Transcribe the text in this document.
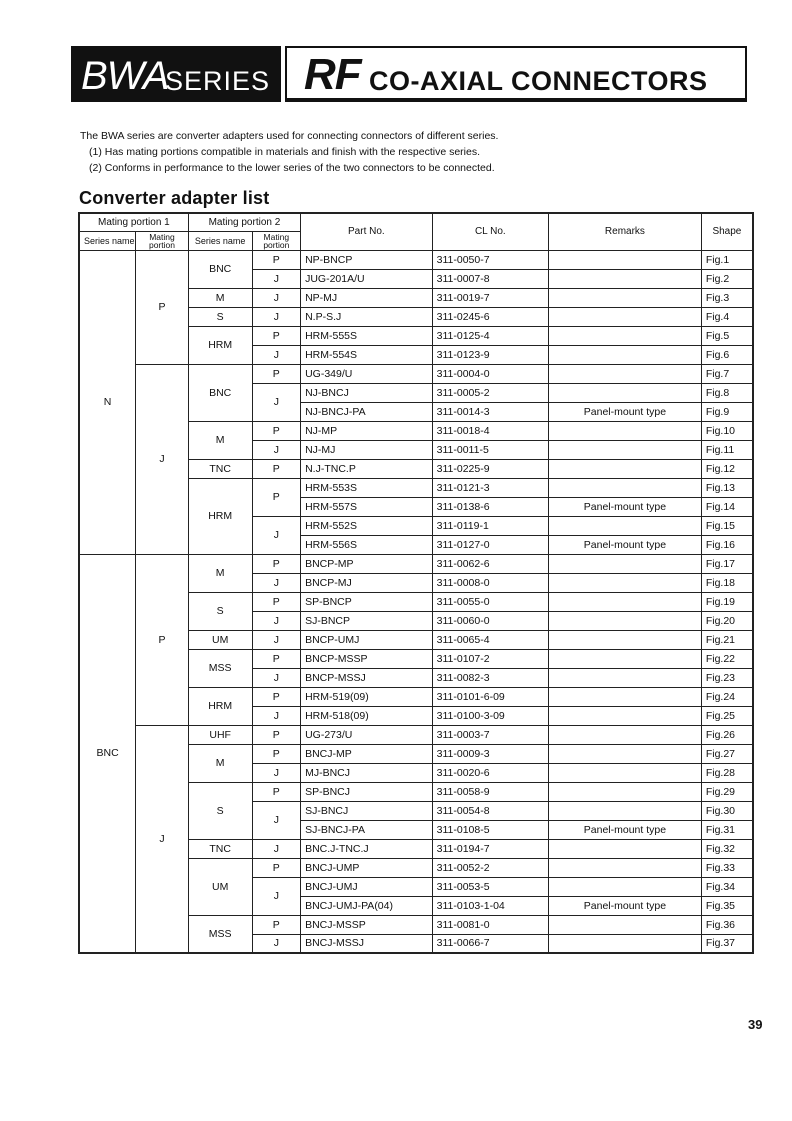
BWA
SERIES RF CO-AXIAL CONNECTORS
The BWA series are converter adapters used for connecting connectors of different series.
(1) Has mating portions compatible in materials and finish with the respective series.
(2) Conforms in performance to the lower series of the two connectors to be connected.
Converter adapter list
Mating portion 1		Mating portion 2		Part No.	CL No.	Remarks	Shape
Series name	Mating portion	Series name	Mating portion				
N	P	BNC	P	NP-BNCP	311-0050-7		Fig.1
			J	JUG-201A/U	311-0007-8		Fig.2
		M	J	NP-MJ	311-0019-7		Fig.3
		S	J	N.P-S.J	311-0245-6		Fig.4
		HRM	P	HRM-555S	311-0125-4		Fig.5
			J	HRM-554S	311-0123-9		Fig.6
	J	BNC	P	UG-349/U	311-0004-0		Fig.7
			J	NJ-BNCJ	311-0005-2		Fig.8
				NJ-BNCJ-PA	311-0014-3	Panel-mount type	Fig.9
		M	P	NJ-MP	311-0018-4		Fig.10
			J	NJ-MJ	311-0011-5		Fig.11
		TNC	P	N.J-TNC.P	311-0225-9		Fig.12
		HRM	P	HRM-553S	311-0121-3		Fig.13
				HRM-557S	311-0138-6	Panel-mount type	Fig.14
			J	HRM-552S	311-0119-1		Fig.15
				HRM-556S	311-0127-0	Panel-mount type	Fig.16
BNC	P	M	P	BNCP-MP	311-0062-6		Fig.17
			J	BNCP-MJ	311-0008-0		Fig.18
		S	P	SP-BNCP	311-0055-0		Fig.19
			J	SJ-BNCP	311-0060-0		Fig.20
		UM	J	BNCP-UMJ	311-0065-4		Fig.21
		MSS	P	BNCP-MSSP	311-0107-2		Fig.22
			J	BNCP-MSSJ	311-0082-3		Fig.23
		HRM	P	HRM-519(09)	311-0101-6-09		Fig.24
			J	HRM-518(09)	311-0100-3-09		Fig.25
	J	UHF	P	UG-273/U	311-0003-7		Fig.26
		M	P	BNCJ-MP	311-0009-3		Fig.27
			J	MJ-BNCJ	311-0020-6		Fig.28
		S	P	SP-BNCJ	311-0058-9		Fig.29
			J	SJ-BNCJ	311-0054-8		Fig.30
				SJ-BNCJ-PA	311-0108-5	Panel-mount type	Fig.31
		TNC	J	BNC.J-TNC.J	311-0194-7		Fig.32
		UM	P	BNCJ-UMP	311-0052-2		Fig.33
			J	BNCJ-UMJ	311-0053-5		Fig.34
				BNCJ-UMJ-PA(04)	311-0103-1-04	Panel-mount type	Fig.35
		MSS	P	BNCJ-MSSP	311-0081-0		Fig.36
			J	BNCJ-MSSJ	311-0066-7		Fig.37
39
